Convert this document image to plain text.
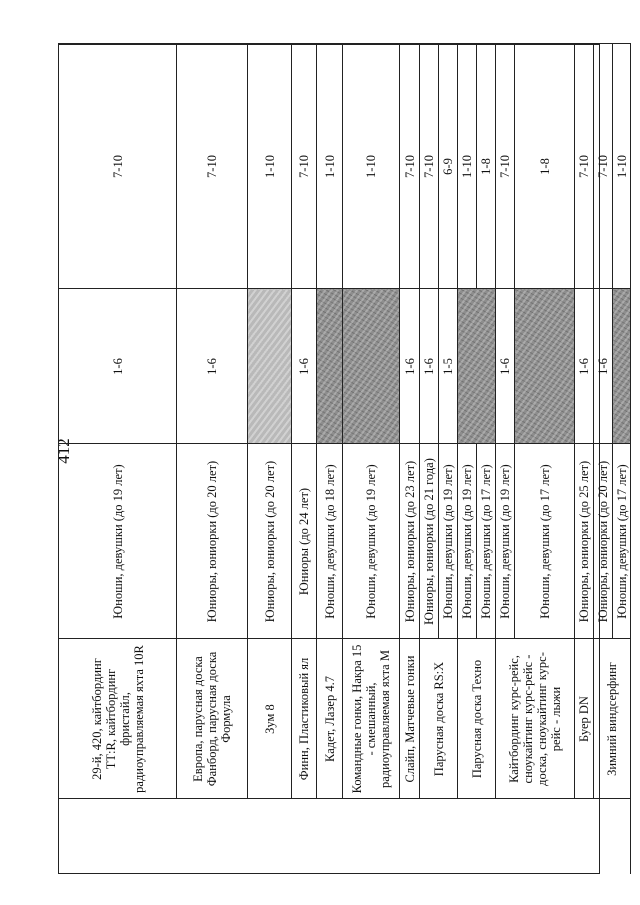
412
	29-й, 420, кайтбординг ТТ:R, кайтбординг фристайл, радиоуправляемая яхта 10R	Юноши, девушки (до 19 лет)	1-6	7-10
	Европа, парусная доска Фанборд, парусная доска Формула	Юниоры, юниорки (до 20 лет)	1-6	7-10
	Зум 8	Юниоры, юниорки (до 20 лет)		1-10
	Финн, Пластиковый ял	Юниоры (до 24 лет)	1-6	7-10
	Кадет, Лазер 4.7	Юноши, девушки (до 18 лет)		1-10
	Командные гонки, Накра 15 - смешанный, радиоуправляемая яхта М	Юноши, девушки (до 19 лет)		1-10
	Слайп, Матчевые гонки	Юниоры, юниорки (до 23 лет)	1-6	7-10
	Парусная доска RS:X	Юниоры, юниорки (до 21 года)	1-6	7-10
		Юноши, девушки (до 19 лет)	1-5	6-9
	Парусная доска Техно	Юноши, девушки (до 19 лет)		1-10
		Юноши, девушки (до 17 лет)		1-8
	Кайтбординг курс-рейс, сноукайтинг курс-рейс - доска, сноукайтинг курс-рейс - лыжи	Юноши, девушки (до 19 лет)	1-6	7-10
		Юноши, девушки (до 17 лет)		1-8
	Буер DN	Юниоры, юниорки (до 25 лет)	1-6	7-10
	Зимний виндсерфинг	Юниоры, юниорки (до 20 лет)	1-6	7-10
		Юноши, девушки (до 17 лет)		1-10
